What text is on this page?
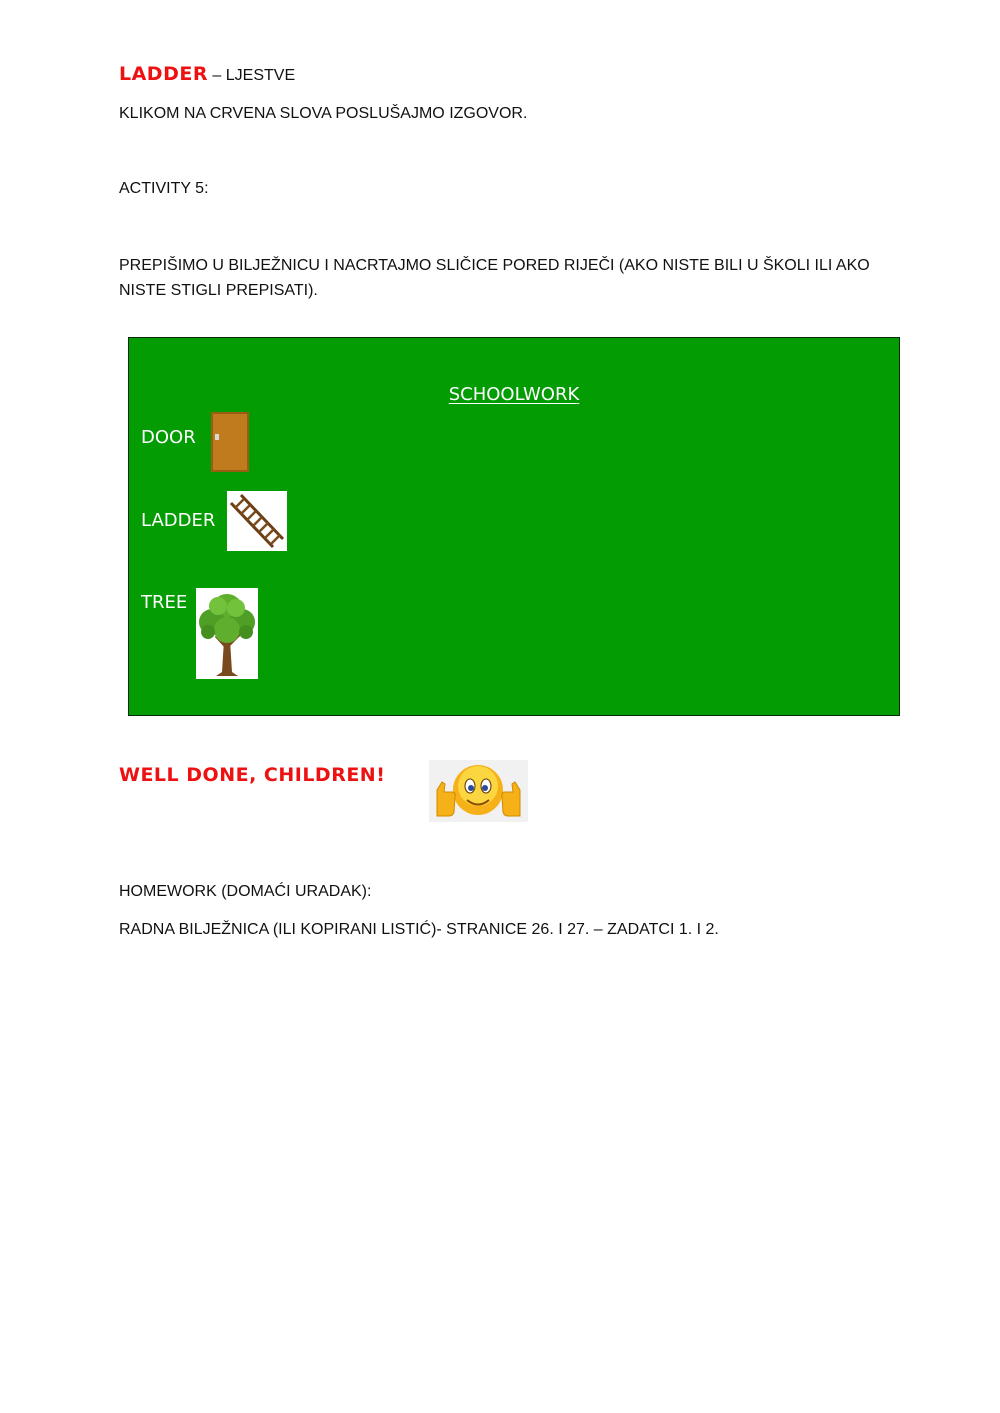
LADDER – LJESTVE
KLIKOM NA CRVENA SLOVA POSLUŠAJMO IZGOVOR.
ACTIVITY 5:
PREPIŠIMO U BILJEŽNICU I NACRTAJMO SLIČICE PORED RIJEČI (AKO NISTE BILI U ŠKOLI ILI AKO NISTE STIGLI PREPISATI).
SCHOOLWORK
DOOR
LADDER
TREE
WELL DONE, CHILDREN!
HOMEWORK (DOMAĆI URADAK):
RADNA BILJEŽNICA (ILI KOPIRANI LISTIĆ)- STRANICE 26. I 27. – ZADATCI 1. I 2.
